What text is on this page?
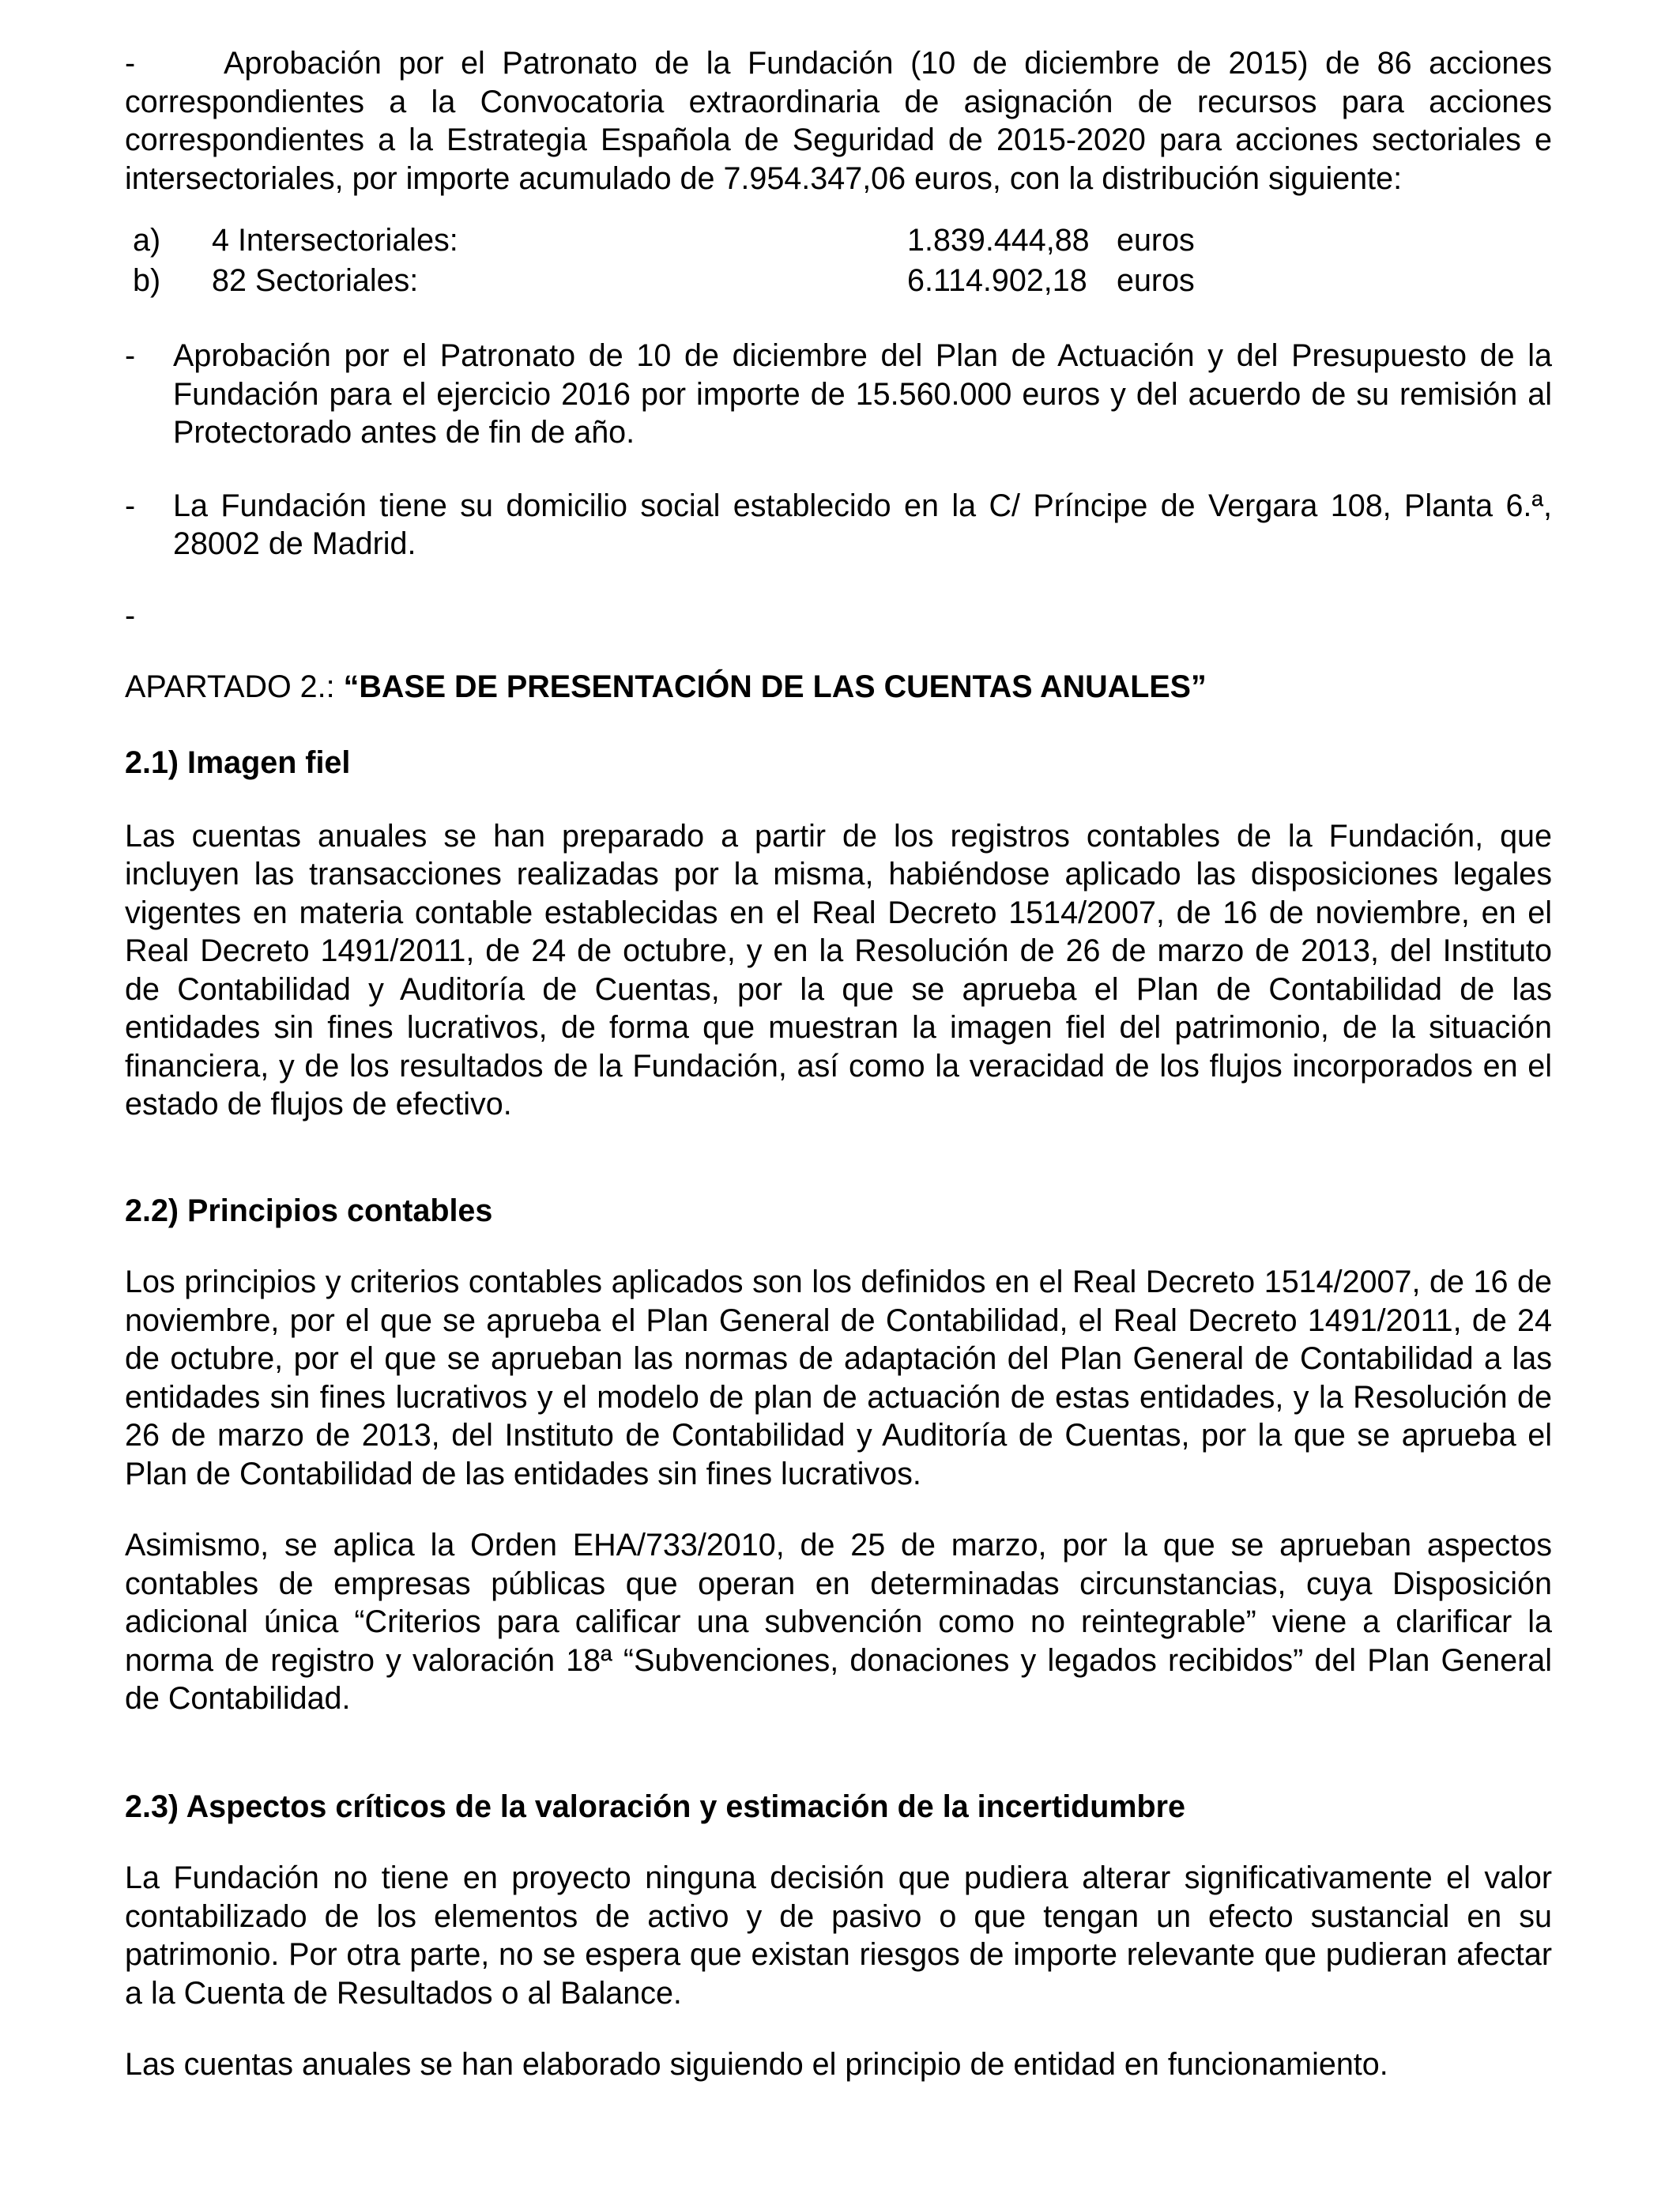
-	Aprobación por el Patronato de la Fundación (10 de diciembre de 2015) de 86 acciones correspondientes a la Convocatoria extraordinaria de asignación de recursos para acciones correspondientes a la Estrategia Española de Seguridad de 2015-2020 para acciones sectoriales e intersectoriales, por importe acumulado de 7.954.347,06 euros, con la distribución siguiente:

a) 4 Intersectoriales:	1.839.444,88 euros
b) 82 Sectoriales:	6.114.902,18 euros

- Aprobación por el Patronato de 10 de diciembre del Plan de Actuación y del Presupuesto de la Fundación para el ejercicio 2016 por importe de 15.560.000 euros y del acuerdo de su remisión al Protectorado antes de fin de año.

- La Fundación tiene su domicilio social establecido en la C/ Príncipe de Vergara 108, Planta 6.ª, 28002 de Madrid.

-

APARTADO 2.: “BASE DE PRESENTACIÓN DE LAS CUENTAS ANUALES”

2.1) Imagen fiel

Las cuentas anuales se han preparado a partir de los registros contables de la Fundación, que incluyen las transacciones realizadas por la misma, habiéndose aplicado las disposiciones legales vigentes en materia contable establecidas en el Real Decreto 1514/2007, de 16 de noviembre, en el Real Decreto 1491/2011, de 24 de octubre, y en la Resolución de 26 de marzo de 2013, del Instituto de Contabilidad y Auditoría de Cuentas, por la que se aprueba el Plan de Contabilidad de las entidades sin fines lucrativos, de forma que muestran la imagen fiel del patrimonio, de la situación financiera, y de los resultados de la Fundación, así como la veracidad de los flujos incorporados en el estado de flujos de efectivo.

2.2) Principios contables

Los principios y criterios contables aplicados son los definidos en el Real Decreto 1514/2007, de 16 de noviembre, por el que se aprueba el Plan General de Contabilidad, el Real Decreto 1491/2011, de 24 de octubre, por el que se aprueban las normas de adaptación del Plan General de Contabilidad a las entidades sin fines lucrativos y el modelo de plan de actuación de estas entidades, y la Resolución de 26 de marzo de 2013, del Instituto de Contabilidad y Auditoría de Cuentas, por la que se aprueba el Plan de Contabilidad de las entidades sin fines lucrativos.

Asimismo, se aplica la Orden EHA/733/2010, de 25 de marzo, por la que se aprueban aspectos contables de empresas públicas que operan en determinadas circunstancias, cuya Disposición adicional única “Criterios para calificar una subvención como no reintegrable” viene a clarificar la norma de registro y valoración 18ª “Subvenciones, donaciones y legados recibidos” del Plan General de Contabilidad.

2.3) Aspectos críticos de la valoración y estimación de la incertidumbre

La Fundación no tiene en proyecto ninguna decisión que pudiera alterar significativamente el valor contabilizado de los elementos de activo y de pasivo o que tengan un efecto sustancial en su patrimonio. Por otra parte, no se espera que existan riesgos de importe relevante que pudieran afectar a la Cuenta de Resultados o al Balance.

Las cuentas anuales se han elaborado siguiendo el principio de entidad en funcionamiento.
